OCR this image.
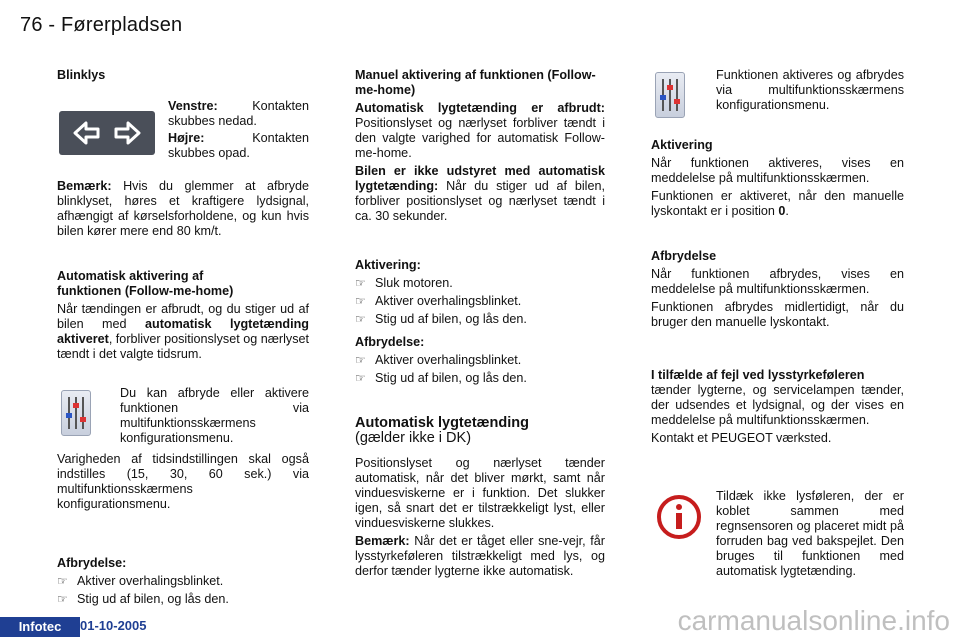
76 - Førerpladsen

Blinklys

Venstre: Kontakten skubbes nedad.

Højre: Kontakten skubbes opad.

Bemærk: Hvis du glemmer at afbryde blinklyset, høres et kraftigere lydsignal, afhængigt af kørselsforholdene, og kun hvis bilen kører mere end 80 km/t.

Automatisk aktivering af

funktionen (Follow-me-home)

Når tændingen er afbrudt, og du stiger ud af bilen med automatisk lygtetænding aktiveret, forbliver positionslyset og nærlyset tændt i det valgte tidsrum.

Du kan afbryde eller aktivere funktionen via multifunktionsskærmens konfigurationsmenu.

Varigheden af tidsindstillingen skal også indstilles (15, 30, 60 sek.) via multifunktionsskærmens konfigurationsmenu.

Afbrydelse:

☞ Aktiver overhalingsblinket.
☞ Stig ud af bilen, og lås den.

Manuel aktivering af funktionen (Follow-me-home)

Automatisk lygtetænding er afbrudt: Positionslyset og nærlyset forbliver tændt i den valgte varighed for automatisk Follow-me-home.

Bilen er ikke udstyret med automatisk lygtetænding: Når du stiger ud af bilen, forbliver positionslyset og nærlyset tændt i ca. 30 sekunder.

Aktivering:

☞ Sluk motoren.
☞ Aktiver overhalingsblinket.
☞ Stig ud af bilen, og lås den.

Afbrydelse:

☞ Aktiver overhalingsblinket.
☞ Stig ud af bilen, og lås den.

Automatisk lygtetænding

(gælder ikke i DK)

Positionslyset og nærlyset tænder automatisk, når det bliver mørkt, samt når vinduesviskerne er i funktion. Det slukker igen, så snart det er tilstrækkeligt lyst, eller vinduesviskerne slukkes.

Bemærk: Når det er tåget eller sne-vejr, får lysstyrkeføleren tilstrækkeligt med lys, og derfor tænder lygterne ikke automatisk.

Funktionen aktiveres og afbrydes via multifunktionsskærmens konfigurationsmenu.

Aktivering

Når funktionen aktiveres, vises en meddelelse på multifunktionsskærmen.

Funktionen er aktiveret, når den manuelle lyskontakt er i position 0.

Afbrydelse

Når funktionen afbrydes, vises en meddelelse på multifunktionsskærmen.

Funktionen afbrydes midlertidigt, når du bruger den manuelle lyskontakt.

I tilfælde af fejl ved lysstyrkeføleren

tænder lygterne, og servicelampen tænder, der udsendes et lydsignal, og der vises en meddelelse på multifunktionsskærmen.

Kontakt et PEUGEOT værksted.

Tildæk ikke lysføleren, der er koblet sammen med regnsensoren og placeret midt på forruden bag ved bakspejlet. Den bruges til funktionen med automatisk lygtetænding.

Infotec	01-10-2005	carmanualsonline.info
